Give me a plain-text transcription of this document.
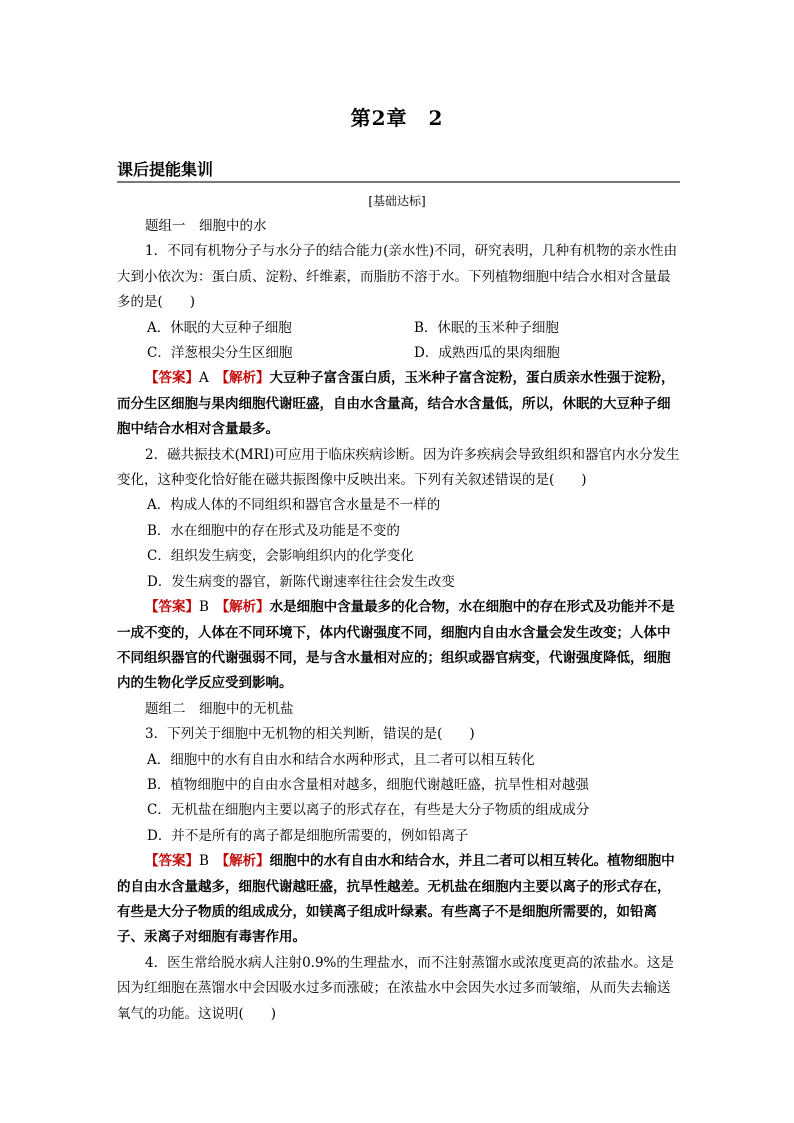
第2章　2
课后提能集训
[基础达标]

题组一　细胞中的水

1．不同有机物分子与水分子的结合能力(亲水性)不同，研究表明，几种有机物的亲水性由大到小依次为：蛋白质、淀粉、纤维素，而脂肪不溶于水。下列植物细胞中结合水相对含量最多的是(　　)

A．休眠的大豆种子细胞	B．休眠的玉米种子细胞
C．洋葱根尖分生区细胞	D．成熟西瓜的果肉细胞

【答案】A　【解析】大豆种子富含蛋白质，玉米种子富含淀粉，蛋白质亲水性强于淀粉，而分生区细胞与果肉细胞代谢旺盛，自由水含量高，结合水含量低，所以，休眠的大豆种子细胞中结合水相对含量最多。

2．磁共振技术(MRI)可应用于临床疾病诊断。因为许多疾病会导致组织和器官内水分发生变化，这种变化恰好能在磁共振图像中反映出来。下列有关叙述错误的是(　　)

A．构成人体的不同组织和器官含水量是不一样的

B．水在细胞中的存在形式及功能是不变的

C．组织发生病变，会影响组织内的化学变化

D．发生病变的器官，新陈代谢速率往往会发生改变

【答案】B　【解析】水是细胞中含量最多的化合物，水在细胞中的存在形式及功能并不是一成不变的，人体在不同环境下，体内代谢强度不同，细胞内自由水含量会发生改变；人体中不同组织器官的代谢强弱不同，是与含水量相对应的；组织或器官病变，代谢强度降低，细胞内的生物化学反应受到影响。

题组二　细胞中的无机盐

3．下列关于细胞中无机物的相关判断，错误的是(　　)

A．细胞中的水有自由水和结合水两种形式，且二者可以相互转化

B．植物细胞中的自由水含量相对越多，细胞代谢越旺盛，抗旱性相对越强

C．无机盐在细胞内主要以离子的形式存在，有些是大分子物质的组成成分

D．并不是所有的离子都是细胞所需要的，例如铅离子

【答案】B　【解析】细胞中的水有自由水和结合水，并且二者可以相互转化。植物细胞中的自由水含量越多，细胞代谢越旺盛，抗旱性越差。无机盐在细胞内主要以离子的形式存在，有些是大分子物质的组成成分，如镁离子组成叶绿素。有些离子不是细胞所需要的，如铅离子、汞离子对细胞有毒害作用。

4．医生常给脱水病人注射0.9%的生理盐水，而不注射蒸馏水或浓度更高的浓盐水。这是因为红细胞在蒸馏水中会因吸水过多而涨破；在浓盐水中会因失水过多而皱缩，从而失去输送氧气的功能。这说明(　　)
